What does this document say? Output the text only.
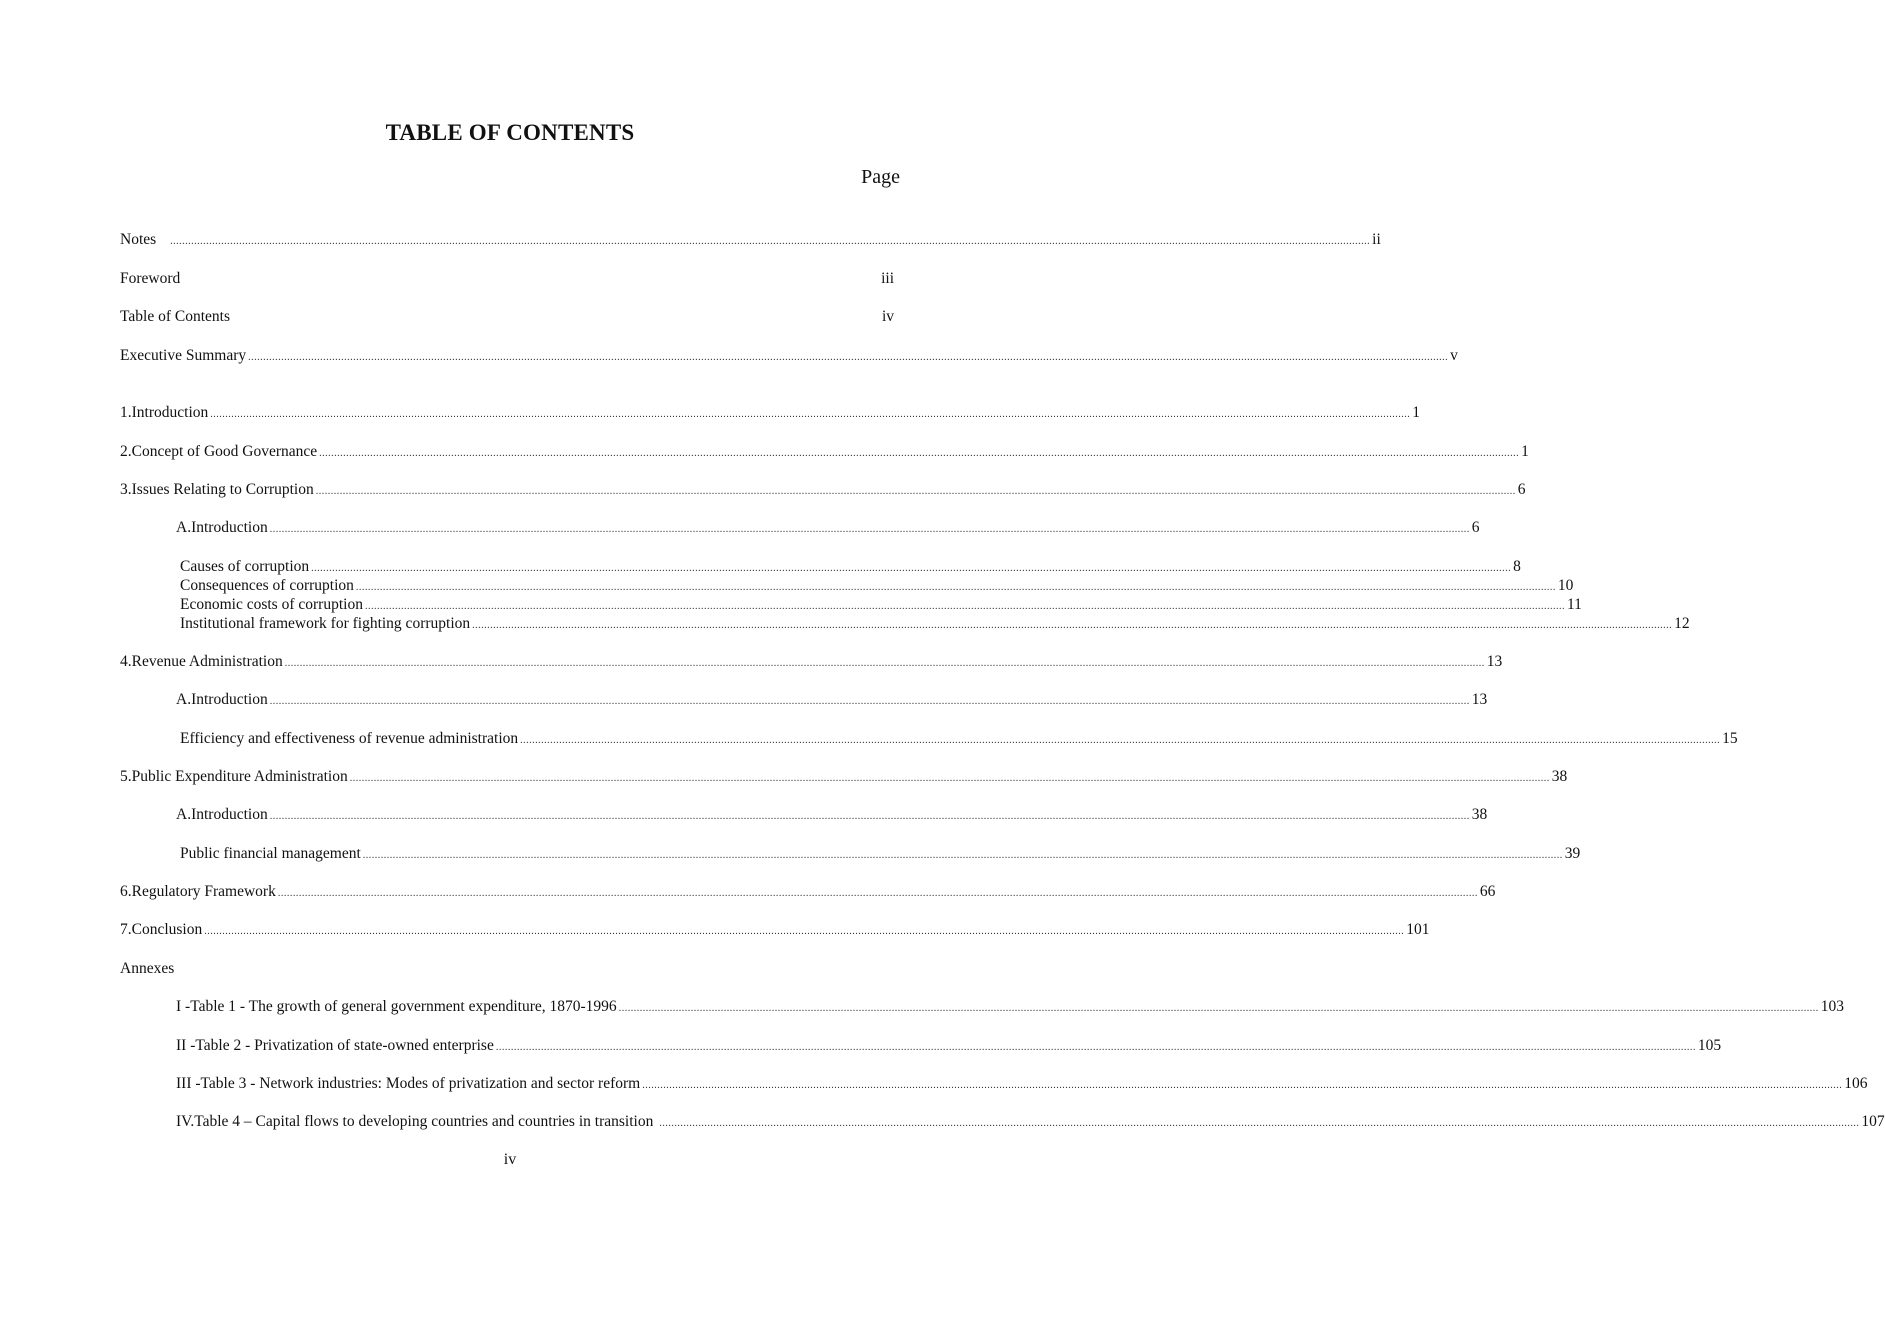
TABLE OF CONTENTS
Page
Notes ................................................................................................................................................................................................................................................................................................................................................................................................................ ii
Foreword	iii
Table of Contents	iv
Executive Summary ................................................................................................................................................................................................................................................................................................................................................................................................................ v
1. Introduction ................................................................................................................................................................................................................................................................................................................................................................................................................ 1
2. Concept of Good Governance ................................................................................................................................................................................................................................................................................................................................................................................................................ 1
3. Issues Relating to Corruption ................................................................................................................................................................................................................................................................................................................................................................................................................ 6
A. Introduction ................................................................................................................................................................................................................................................................................................................................................................................................................ 6
Causes of corruption ................................................................................................................................................................................................................................................................................................................................................................................................................ 8
Consequences of corruption ................................................................................................................................................................................................................................................................................................................................................................................................................ 10
Economic costs of corruption ................................................................................................................................................................................................................................................................................................................................................................................................................ 11
Institutional framework for fighting corruption ................................................................................................................................................................................................................................................................................................................................................................................................................ 12
4. Revenue Administration ................................................................................................................................................................................................................................................................................................................................................................................................................ 13
A. Introduction ................................................................................................................................................................................................................................................................................................................................................................................................................ 13
Efficiency and effectiveness of revenue administration ................................................................................................................................................................................................................................................................................................................................................................................................................ 15
5. Public Expenditure Administration ................................................................................................................................................................................................................................................................................................................................................................................................................ 38
A. Introduction ................................................................................................................................................................................................................................................................................................................................................................................................................ 38
Public financial management ................................................................................................................................................................................................................................................................................................................................................................................................................ 39
6. Regulatory Framework ................................................................................................................................................................................................................................................................................................................................................................................................................ 66
7. Conclusion ................................................................................................................................................................................................................................................................................................................................................................................................................ 101
Annexes
I - Table 1 - The growth of general government expenditure, 1870-1996 ................................................................................................................................................................................................................................................................................................................................................................................................................ 103
II - Table 2 - Privatization of state-owned enterprise ................................................................................................................................................................................................................................................................................................................................................................................................................ 105
III - Table 3 - Network industries: Modes of privatization and sector reform ................................................................................................................................................................................................................................................................................................................................................................................................................ 106
IV. Table 4 – Capital flows to developing countries and countries in transition ................................................................................................................................................................................................................................................................................................................................................................................................................ 107
iv
